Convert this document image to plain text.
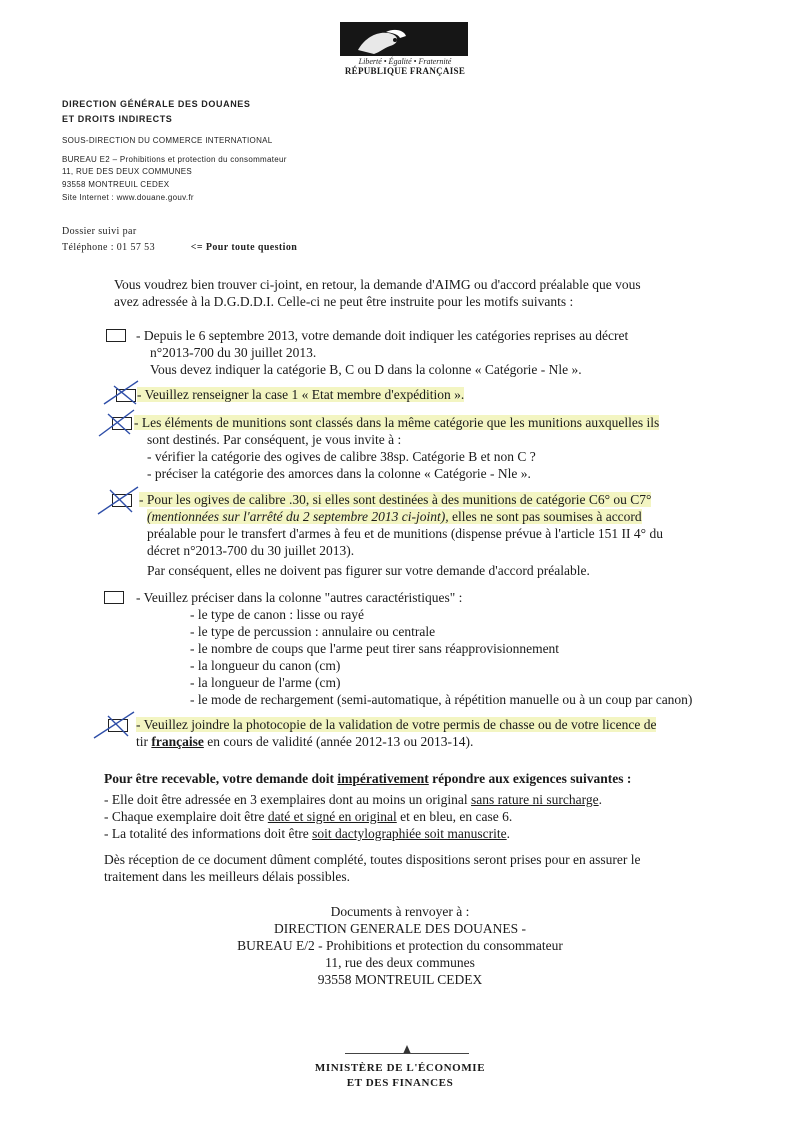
Liberté • Égalité • Fraternité
RÉPUBLIQUE FRANÇAISE
DIRECTION GÉNÉRALE DES DOUANES
ET DROITS INDIRECTS
SOUS-DIRECTION DU COMMERCE INTERNATIONAL
BUREAU E2 – Prohibitions et protection du consommateur
11, RUE DES DEUX COMMUNES
93558 MONTREUIL CEDEX
Site Internet : www.douane.gouv.fr
Dossier suivi par
Téléphone : 01 57 53	<= Pour toute question
Vous voudrez bien trouver ci-joint, en retour, la demande d'AIMG ou d'accord préalable que vous
avez adressée à la D.G.D.D.I. Celle-ci ne peut être instruite pour les motifs suivants :
- Depuis le 6 septembre 2013, votre demande doit indiquer les catégories reprises au décret
n°2013-700 du 30 juillet 2013.
Vous devez indiquer la catégorie B, C ou D dans la colonne « Catégorie - Nle ».
- Veuillez renseigner la case 1 « Etat membre d'expédition ».
- Les éléments de munitions sont classés dans la même catégorie que les munitions auxquelles ils
sont destinés. Par conséquent, je vous invite à :
- vérifier la catégorie des ogives de calibre 38sp. Catégorie B et non C ?
- préciser la catégorie des amorces dans la colonne « Catégorie - Nle ».
- Pour les ogives de calibre .30, si elles sont destinées à des munitions de catégorie C6° ou C7°
(mentionnées sur l'arrêté du 2 septembre 2013 ci-joint), elles ne sont pas soumises à accord
préalable pour le transfert d'armes à feu et de munitions (dispense prévue à l'article 151 II 4° du
décret n°2013-700 du 30 juillet 2013).
Par conséquent, elles ne doivent pas figurer sur votre demande d'accord préalable.
- Veuillez préciser dans la colonne "autres caractéristiques" :
- le type de canon : lisse ou rayé
- le type de percussion : annulaire ou centrale
- le nombre de coups que l'arme peut tirer sans réapprovisionnement
- la longueur du canon (cm)
- la longueur de l'arme (cm)
- le mode de rechargement (semi-automatique, à répétition manuelle ou à un coup par canon)
- Veuillez joindre la photocopie de la validation de votre permis de chasse ou de votre licence de
tir française en cours de validité (année 2012-13 ou 2013-14).
Pour être recevable, votre demande doit impérativement répondre aux exigences suivantes :
- Elle doit être adressée en 3 exemplaires dont au moins un original sans rature ni surcharge.
- Chaque exemplaire doit être daté et signé en original et en bleu, en case 6.
- La totalité des informations doit être soit dactylographiée soit manuscrite.
Dès réception de ce document dûment complété, toutes dispositions seront prises pour en assurer le
traitement dans les meilleurs délais possibles.
Documents à renvoyer à :
DIRECTION GENERALE DES DOUANES -
BUREAU E/2 - Prohibitions et protection du consommateur
11, rue des deux communes
93558 MONTREUIL CEDEX
MINISTÈRE DE L'ÉCONOMIE
ET DES FINANCES
